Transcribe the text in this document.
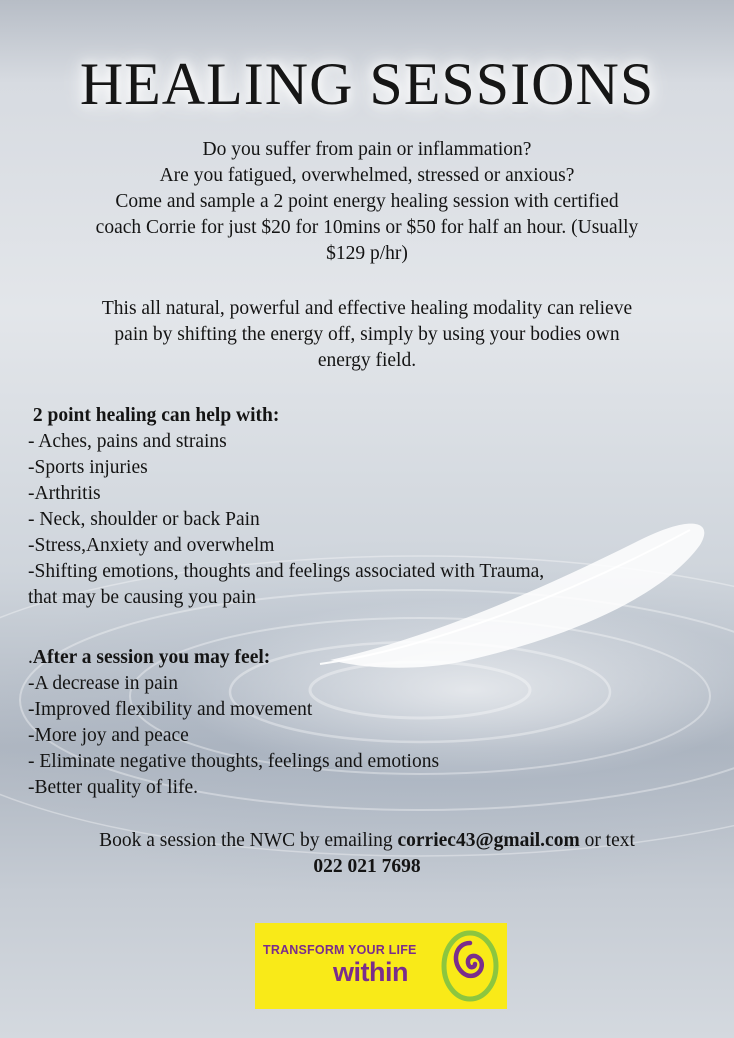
HEALING SESSIONS

Do you suffer from pain or inflammation?

Are you fatigued, overwhelmed, stressed or anxious?

Come and sample a 2 point energy healing session with certified

coach Corrie for just $20 for 10mins or $50 for half an hour. (Usually

$129 p/hr)

This all natural, powerful and effective healing modality can relieve

pain by shifting the energy off, simply by using your bodies own

energy field.

2 point healing can help with:

- Aches, pains and strains

-Sports injuries

-Arthritis

- Neck, shoulder or back Pain

-Stress,Anxiety and overwhelm

-Shifting emotions, thoughts and feelings associated with Trauma,

that may be causing you pain

.After a session you may feel:

-A decrease in pain

-Improved flexibility and movement

-More joy and peace

- Eliminate negative thoughts, feelings and emotions

-Better quality of life.

Book a session the NWC by emailing corriec43@gmail.com or text

022 021 7698

TRANSFORM YOUR LIFE
within
